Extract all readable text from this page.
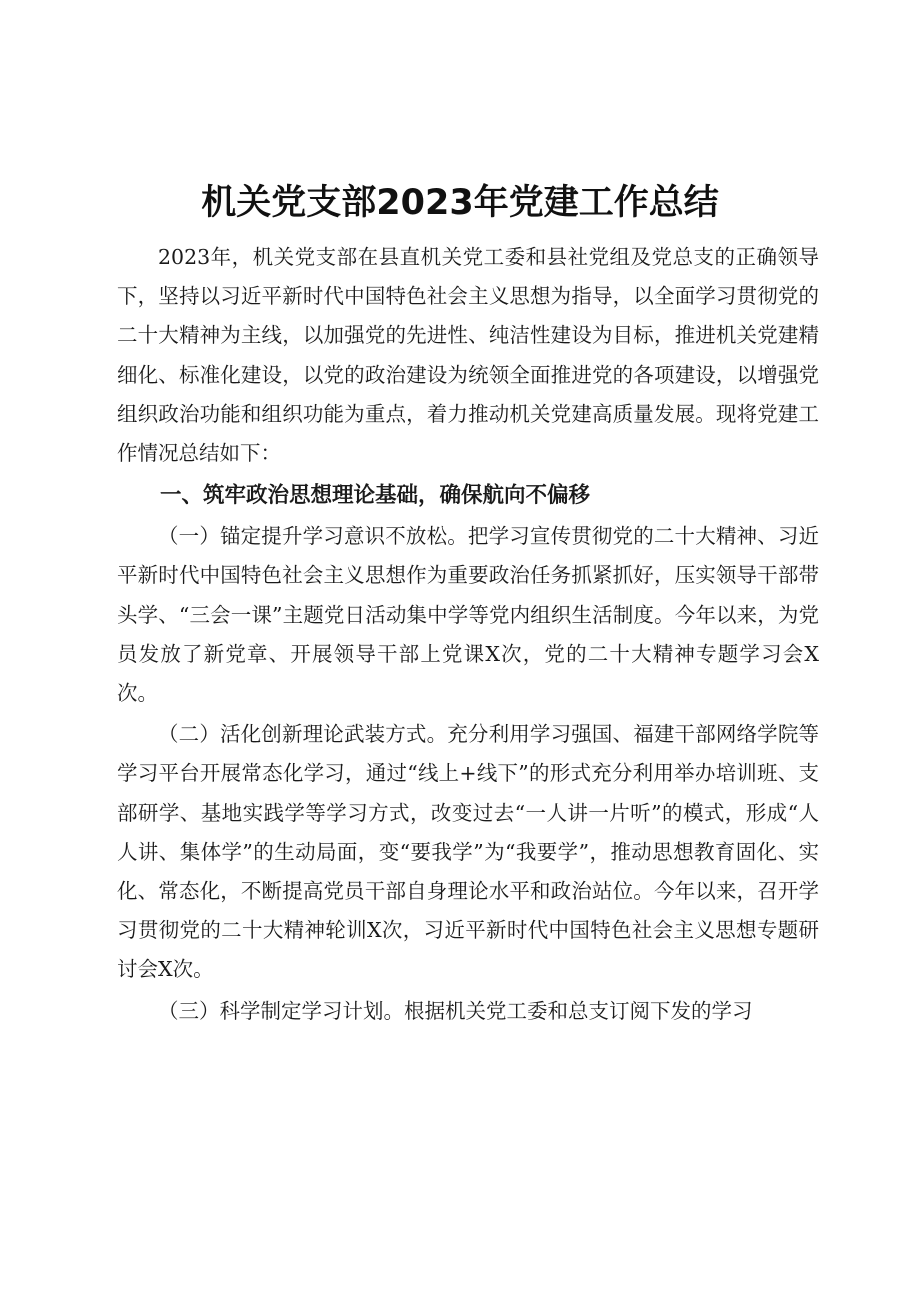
机关党支部2023年党建工作总结

2023年，机关党支部在县直机关党工委和县社党组及党总支的正确领导下，坚持以习近平新时代中国特色社会主义思想为指导，以全面学习贯彻党的二十大精神为主线，以加强党的先进性、纯洁性建设为目标，推进机关党建精细化、标准化建设，以党的政治建设为统领全面推进党的各项建设，以增强党组织政治功能和组织功能为重点，着力推动机关党建高质量发展。现将党建工作情况总结如下：

一、筑牢政治思想理论基础，确保航向不偏移

（一）锚定提升学习意识不放松。把学习宣传贯彻党的二十大精神、习近平新时代中国特色社会主义思想作为重要政治任务抓紧抓好，压实领导干部带头学、“三会一课”主题党日活动集中学等党内组织生活制度。今年以来，为党员发放了新党章、开展领导干部上党课X次，党的二十大精神专题学习会X次。

（二）活化创新理论武装方式。充分利用学习强国、福建干部网络学院等学习平台开展常态化学习，通过“线上+线下”的形式充分利用举办培训班、支部研学、基地实践学等学习方式，改变过去“一人讲一片听”的模式，形成“人人讲、集体学”的生动局面，变“要我学”为“我要学”，推动思想教育固化、实化、常态化，不断提高党员干部自身理论水平和政治站位。今年以来，召开学习贯彻党的二十大精神轮训X次，习近平新时代中国特色社会主义思想专题研讨会X次。

（三）科学制定学习计划。根据机关党工委和总支订阅下发的学习
